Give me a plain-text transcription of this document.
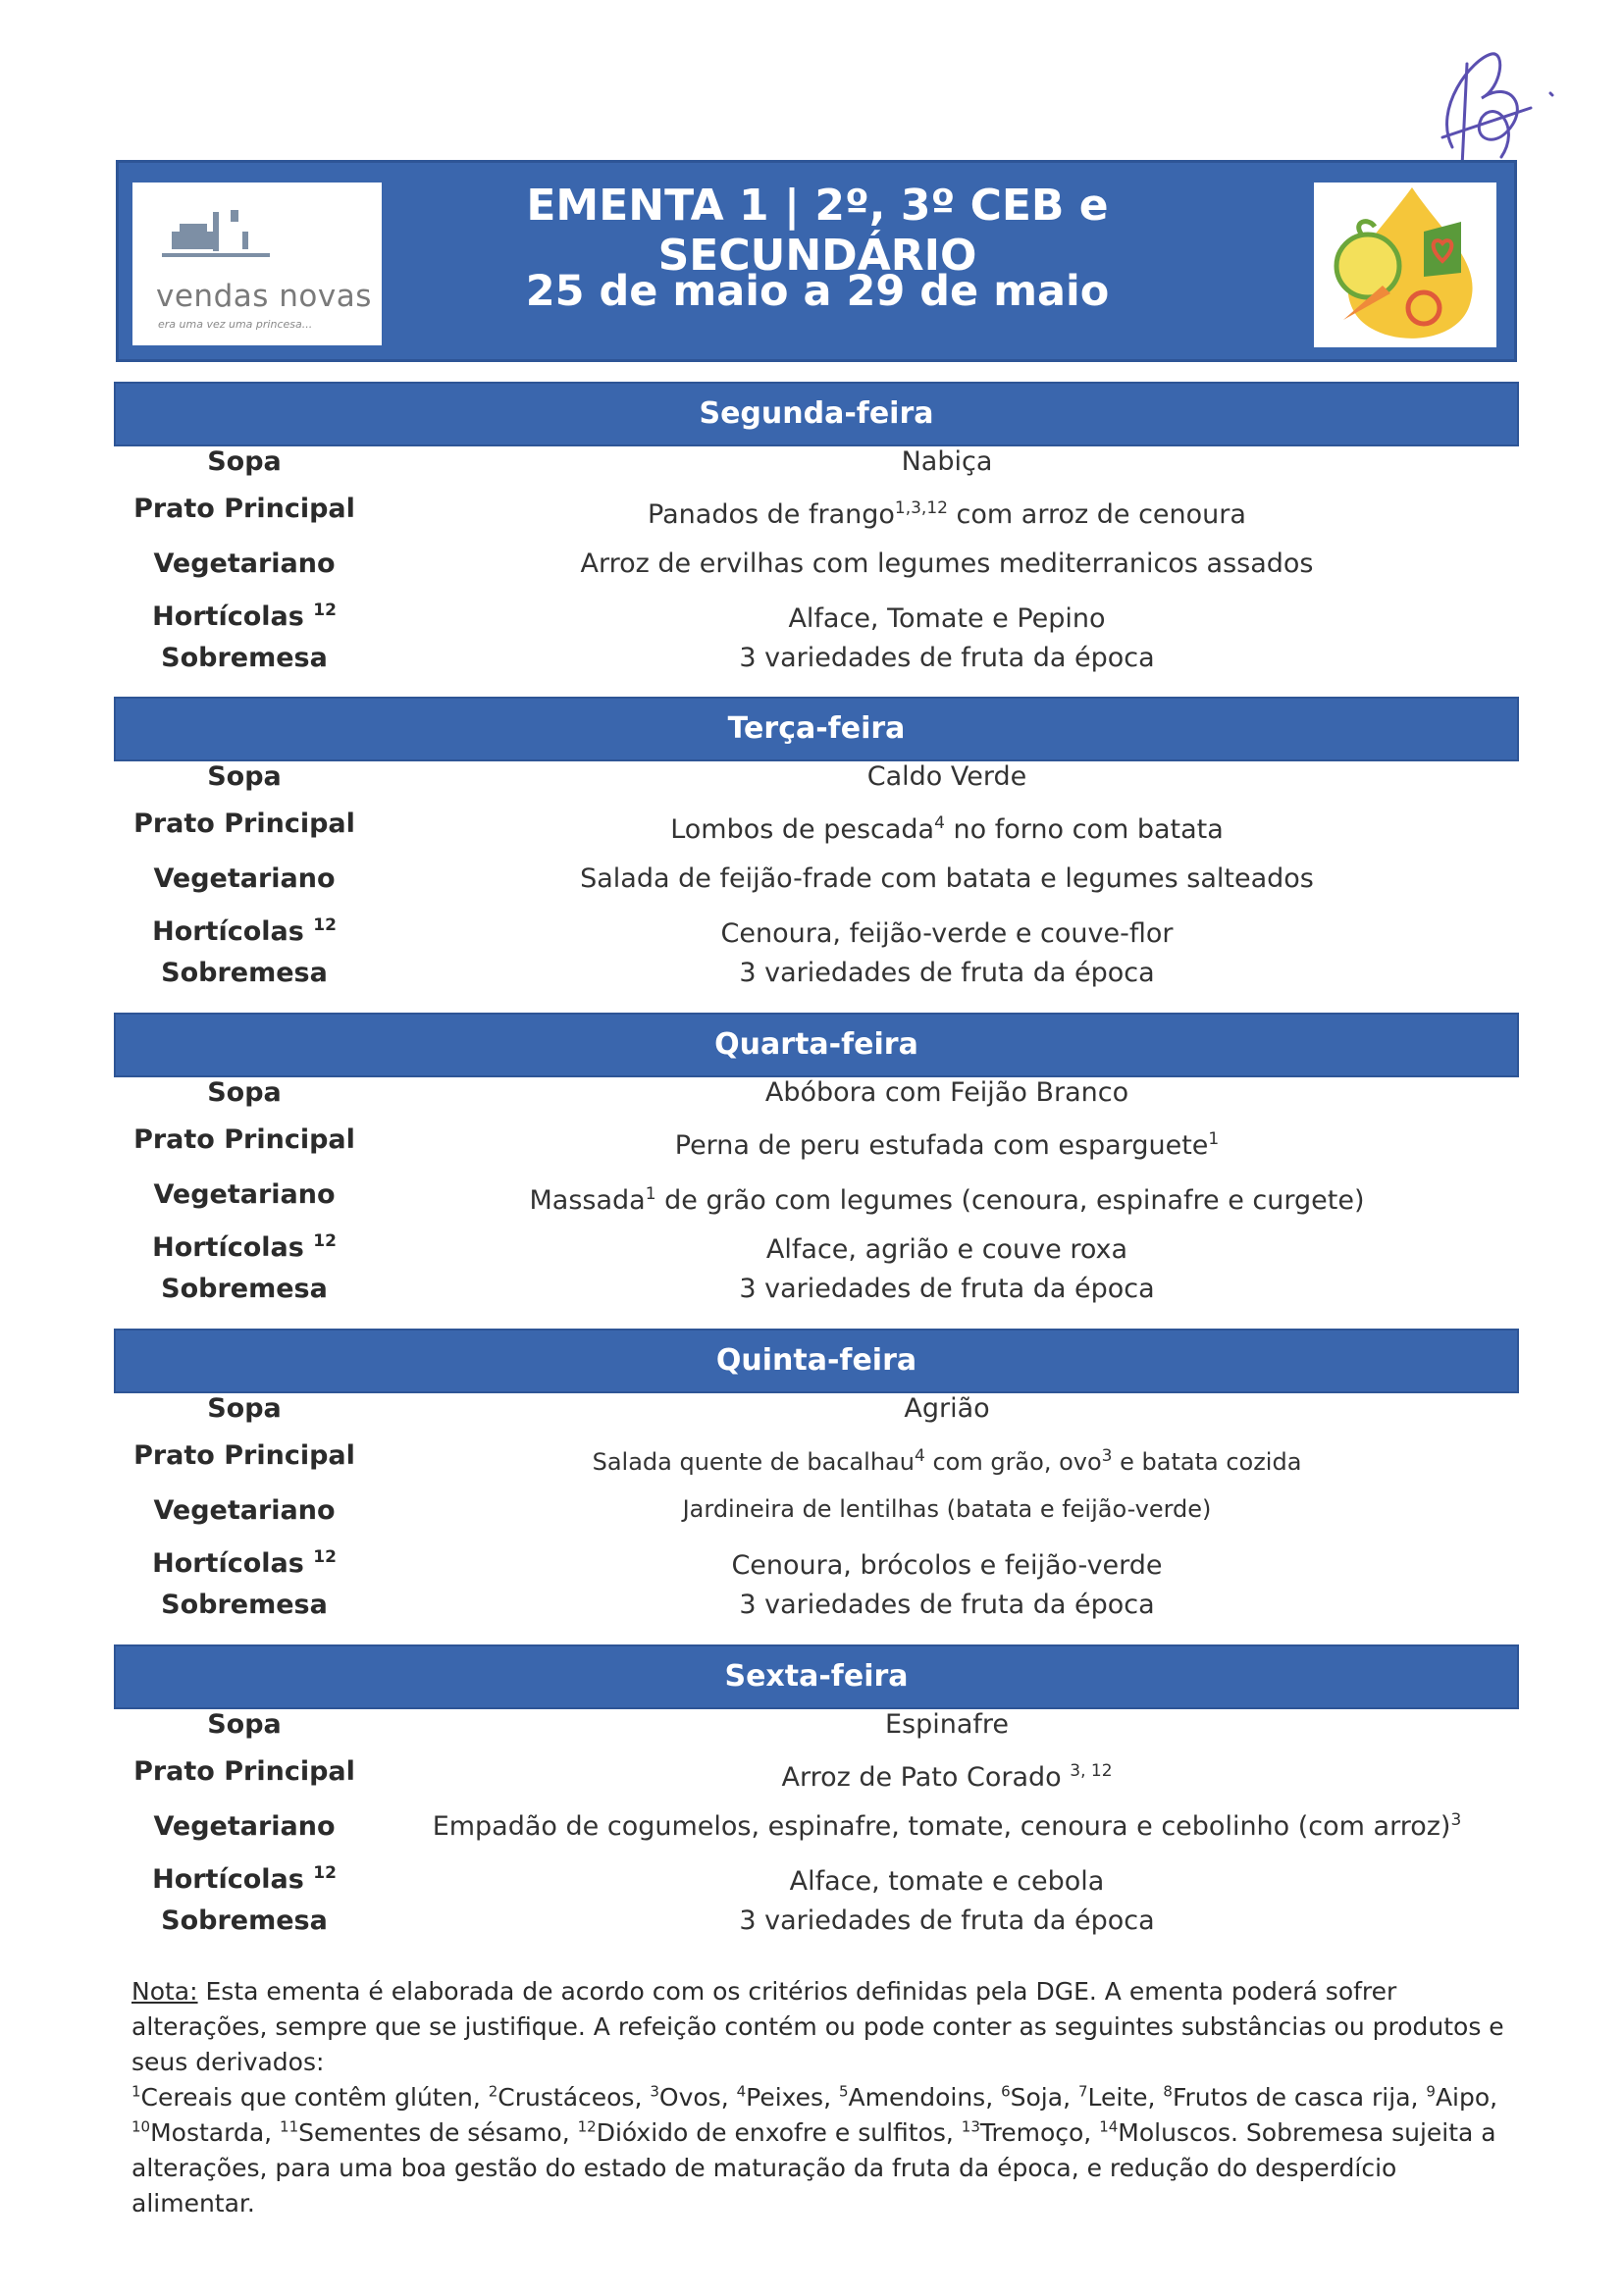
vendas novas
era uma vez uma princesa...
EMENTA 1 | 2º, 3º CEB e SECUNDÁRIO
25 de maio a 29 de maio
Segunda-feira
Sopa	Nabiça
Prato Principal	Panados de frango$^{1,3,12}$ com arroz de cenoura
Vegetariano	Arroz de ervilhas com legumes mediterranicos assados
Hortícolas $^{12}$	Alface, Tomate e Pepino
Sobremesa	3 variedades de fruta da época
Terça-feira
Sopa	Caldo Verde
Prato Principal	Lombos de pescada$^4$ no forno com batata
Vegetariano	Salada de feijão-frade com batata e legumes salteados
Hortícolas $^{12}$	Cenoura, feijão-verde e couve-flor
Sobremesa	3 variedades de fruta da época
Quarta-feira
Sopa	Abóbora com Feijão Branco
Prato Principal	Perna de peru estufada com esparguete$^1$
Vegetariano	Massada$^1$ de grão com legumes (cenoura, espinafre e curgete)
Hortícolas $^{12}$	Alface, agrião e couve roxa
Sobremesa	3 variedades de fruta da época
Quinta-feira
Sopa	Agrião
Prato Principal	Salada quente de bacalhau$^4$ com grão, ovo$^3$ e batata cozida
Vegetariano	Jardineira de lentilhas (batata e feijão-verde)
Hortícolas $^{12}$	Cenoura, brócolos e feijão-verde
Sobremesa	3 variedades de fruta da época
Sexta-feira
Sopa	Espinafre
Prato Principal	Arroz de Pato Corado $^{3, 12}$
Vegetariano	Empadão de cogumelos, espinafre, tomate, cenoura e cebolinho (com arroz)$^3$
Hortícolas $^{12}$	Alface, tomate e cebola
Sobremesa	3 variedades de fruta da época
Nota: Esta ementa é elaborada de acordo com os critérios definidas pela DGE. A ementa poderá sofrer alterações, sempre que se justifique. A refeição contém ou pode conter as seguintes substâncias ou produtos e seus derivados:
$^1$Cereais que contêm glúten, $^2$Crustáceos, $^3$Ovos, $^4$Peixes, $^5$Amendoins, $^6$Soja, $^7$Leite, $^8$Frutos de casca rija, $^9$Aipo, $^{10}$Mostarda, $^{11}$Sementes de sésamo, $^{12}$Dióxido de enxofre e sulfitos, $^{13}$Tremoço, $^{14}$Moluscos. Sobremesa sujeita a alterações, para uma boa gestão do estado de maturação da fruta da época, e redução do desperdício alimentar.
